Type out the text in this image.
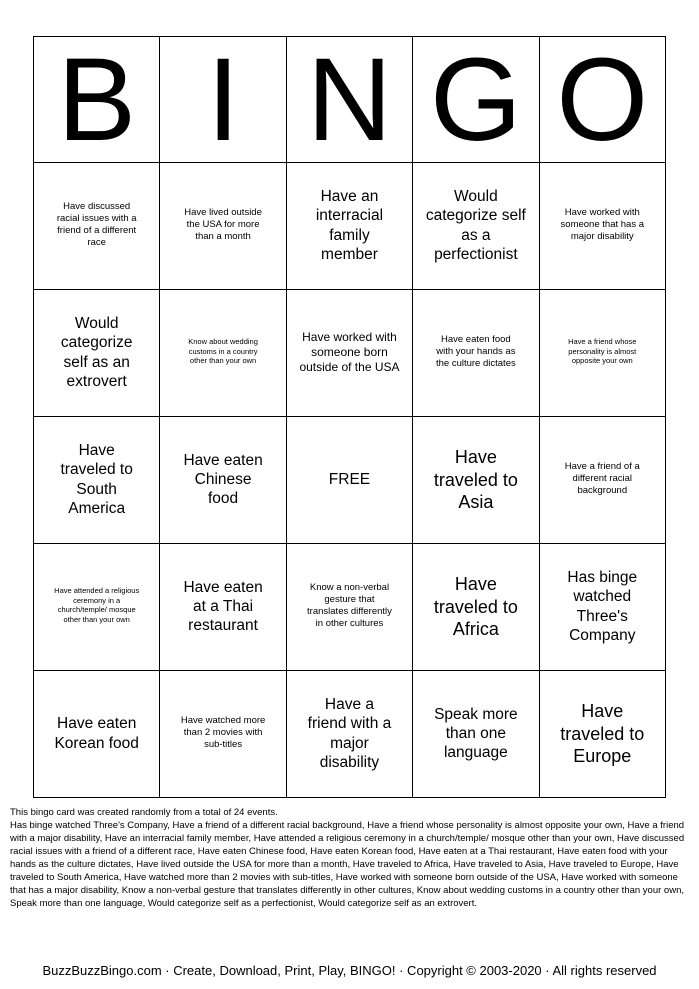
B	I	N	G	O
Have discussed racial issues with a friend of a different race	Have lived outside the USA for more than a month	Have an interracial family member	Would categorize self as a perfectionist	Have worked with someone that has a major disability
Would categorize self as an extrovert	Know about wedding customs in a country other than your own	Have worked with someone born outside of the USA	Have eaten food with your hands as the culture dictates	Have a friend whose personality is almost opposite your own
Have traveled to South America	Have eaten Chinese food	FREE	Have traveled to Asia	Have a friend of a different racial background
Have attended a religious ceremony in a church/temple/ mosque other than your own	Have eaten at a Thai restaurant	Know a non-verbal gesture that translates differently in other cultures	Have traveled to Africa	Has binge watched Three's Company
Have eaten Korean food	Have watched more than 2 movies with sub-titles	Have a friend with a major disability	Speak more than one language	Have traveled to Europe

This bingo card was created randomly from a total of 24 events.

Has binge watched Three's Company, Have a friend of a different racial background, Have a friend whose personality is almost opposite your own, Have a friend with a major disability, Have an interracial family member, Have attended a religious ceremony in a church/temple/ mosque other than your own, Have discussed racial issues with a friend of a different race, Have eaten Chinese food, Have eaten Korean food, Have eaten at a Thai restaurant, Have eaten food with your hands as the culture dictates, Have lived outside the USA for more than a month, Have traveled to Africa, Have traveled to Asia, Have traveled to Europe, Have traveled to South America, Have watched more than 2 movies with sub-titles, Have worked with someone born outside of the USA, Have worked with someone that has a major disability, Know a non-verbal gesture that translates differently in other cultures, Know about wedding customs in a country other than your own, Speak more than one language, Would categorize self as a perfectionist, Would categorize self as an extrovert.

BuzzBuzzBingo.com · Create, Download, Print, Play, BINGO! · Copyright © 2003-2020 · All rights reserved
